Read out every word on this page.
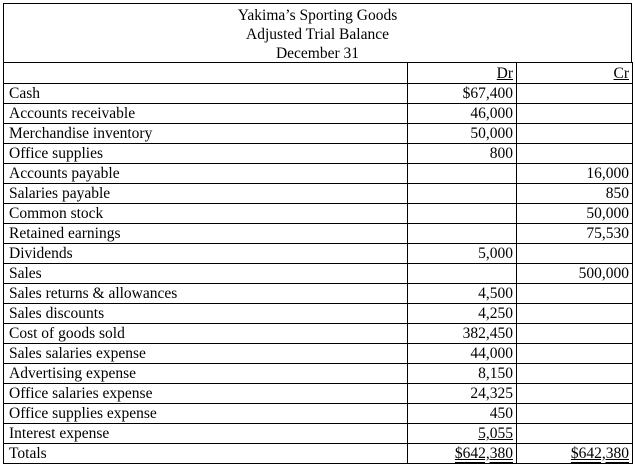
Yakima’s Sporting Goods
Adjusted Trial Balance
December 31
	Dr	Cr
Cash	$67,400	
Accounts receivable	46,000	
Merchandise inventory	50,000	
Office supplies	800	
Accounts payable		16,000
Salaries payable		850
Common stock		50,000
Retained earnings		75,530
Dividends	5,000	
Sales		500,000
Sales returns & allowances	4,500	
Sales discounts	4,250	
Cost of goods sold	382,450	
Sales salaries expense	44,000	
Advertising expense	8,150	
Office salaries expense	24,325	
Office supplies expense	450	
Interest expense	5,055	
Totals	$642,380	$642,380
